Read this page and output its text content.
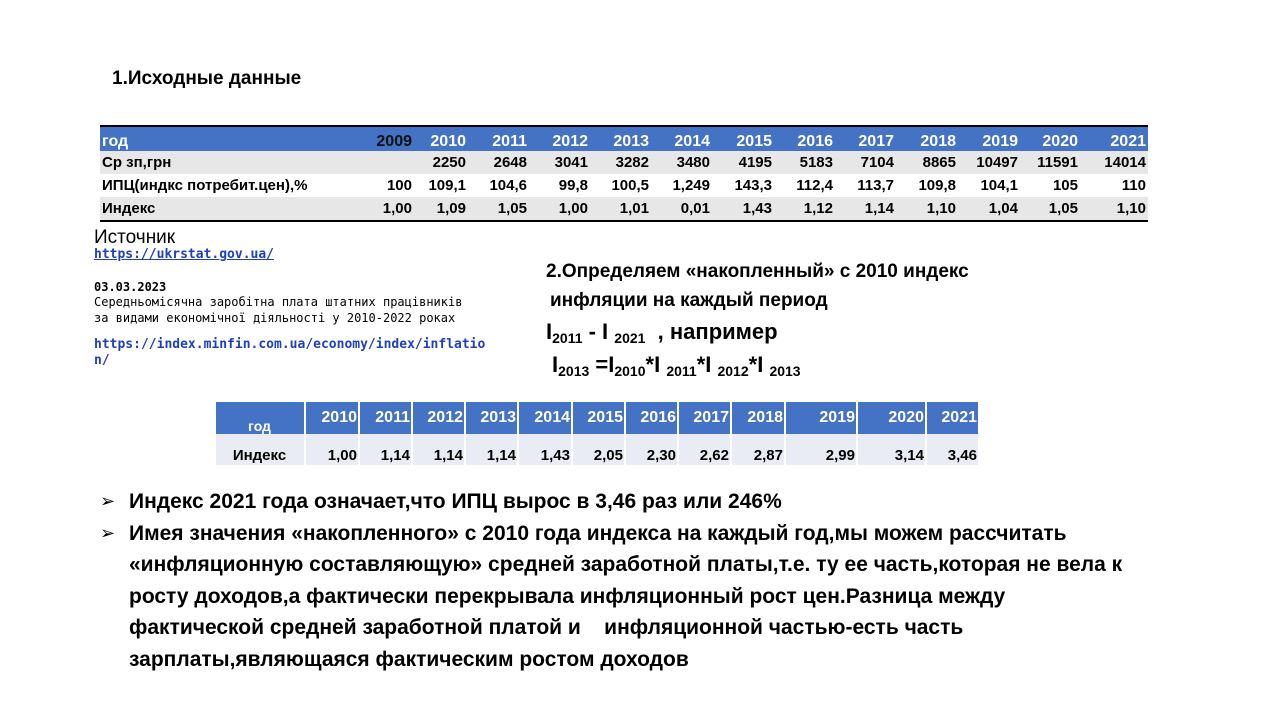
1.Исходные данные
год	2009	2010	2011	2012	2013	2014	2015	2016	2017	2018	2019	2020	2021
Ср зп,грн		2250	2648	3041	3282	3480	4195	5183	7104	8865	10497	11591	14014
ИПЦ(индкс потребит.цен),%	100	109,1	104,6	99,8	100,5	1,249	143,3	112,4	113,7	109,8	104,1	105	110
Индекс	1,00	1,09	1,05	1,00	1,01	0,01	1,43	1,12	1,14	1,10	1,04	1,05	1,10
Источник
https://ukrstat.gov.ua/
03.03.2023
Середньомісячна заробітна плата штатних працівників
за видами економічної діяльності у 2010-2022 роках
https://index.minfin.com.ua/economy/index/inflation/
2.Определяем «накопленный» с 2010 индекс
инфляции на каждый период
$I_{2011}$ - I $_{2021}$  , например
$I_{2013} =I_{2010}*I$ $_{2011}$*I $_{2012}$*I $_{2013}$
год	2010	2011	2012	2013	2014	2015	2016	2017	2018	2019	2020	2021
Индекс	1,00	1,14	1,14	1,14	1,43	2,05	2,30	2,62	2,87	2,99	3,14	3,46
➢ Индекс 2021 года означает,что ИПЦ вырос в 3,46 раз или 246%
➢ Имея значения «накопленного» с 2010 года индекса на каждый год,мы можем рассчитать «инфляционную составляющую» средней заработной платы,т.е. ту ее часть,которая не вела к росту доходов,а фактически перекрывала инфляционный рост цен.Разница между фактической средней заработной платой и    инфляционной частью-есть часть зарплаты,являющаяся фактическим ростом доходов
